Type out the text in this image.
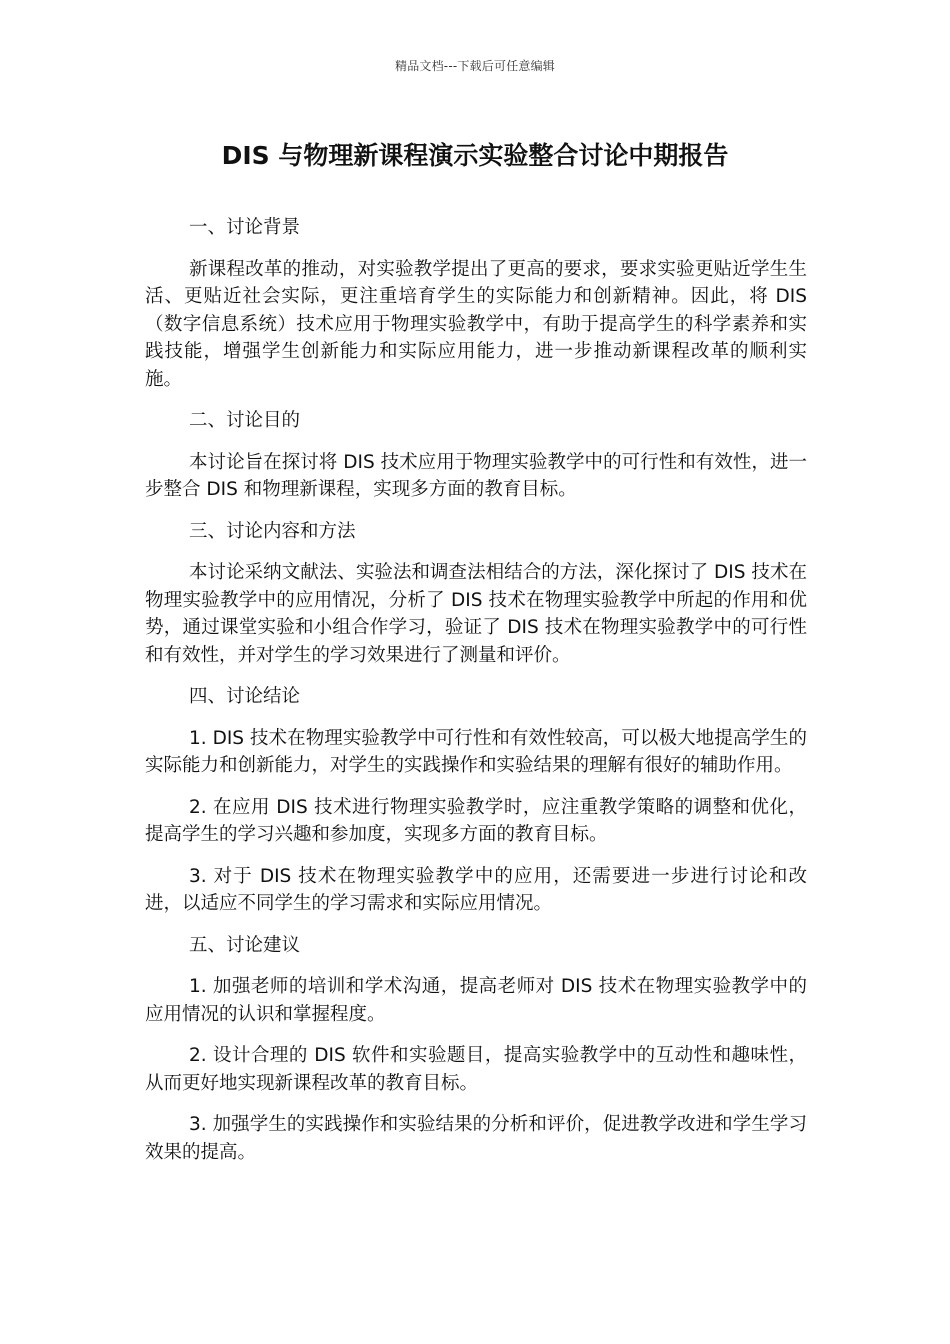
精品文档---下载后可任意编辑
DIS 与物理新课程演示实验整合讨论中期报告

一、讨论背景

新课程改革的推动，对实验教学提出了更高的要求，要求实验更贴近学生生活、更贴近社会实际，更注重培育学生的实际能力和创新精神。因此，将 DIS（数字信息系统）技术应用于物理实验教学中，有助于提高学生的科学素养和实践技能，增强学生创新能力和实际应用能力，进一步推动新课程改革的顺利实施。

二、讨论目的

本讨论旨在探讨将 DIS 技术应用于物理实验教学中的可行性和有效性，进一步整合 DIS 和物理新课程，实现多方面的教育目标。

三、讨论内容和方法

本讨论采纳文献法、实验法和调查法相结合的方法，深化探讨了 DIS 技术在物理实验教学中的应用情况，分析了 DIS 技术在物理实验教学中所起的作用和优势，通过课堂实验和小组合作学习，验证了 DIS 技术在物理实验教学中的可行性和有效性，并对学生的学习效果进行了测量和评价。

四、讨论结论

1. DIS 技术在物理实验教学中可行性和有效性较高，可以极大地提高学生的实际能力和创新能力，对学生的实践操作和实验结果的理解有很好的辅助作用。

2. 在应用 DIS 技术进行物理实验教学时，应注重教学策略的调整和优化，提高学生的学习兴趣和参加度，实现多方面的教育目标。

3. 对于 DIS 技术在物理实验教学中的应用，还需要进一步进行讨论和改进，以适应不同学生的学习需求和实际应用情况。

五、讨论建议

1. 加强老师的培训和学术沟通，提高老师对 DIS 技术在物理实验教学中的应用情况的认识和掌握程度。

2. 设计合理的 DIS 软件和实验题目，提高实验教学中的互动性和趣味性，从而更好地实现新课程改革的教育目标。

3. 加强学生的实践操作和实验结果的分析和评价，促进教学改进和学生学习效果的提高。
